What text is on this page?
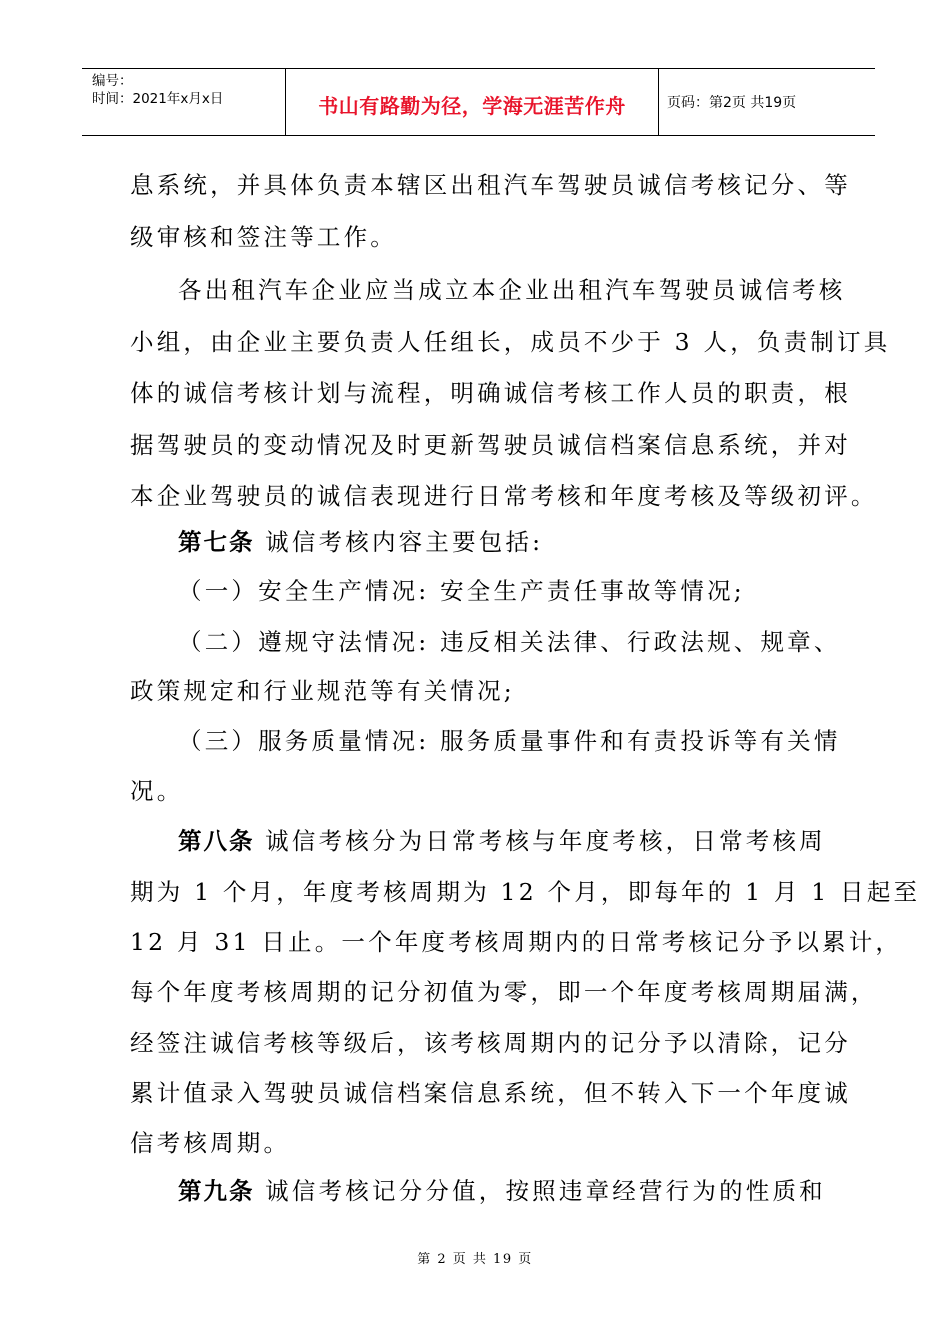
编号：
时间：2021年x月x日	书山有路勤为径，学海无涯苦作舟	页码：第2页 共19页
息系统，并具体负责本辖区出租汽车驾驶员诚信考核记分、等
级审核和签注等工作。
各出租汽车企业应当成立本企业出租汽车驾驶员诚信考核
小组，由企业主要负责人任组长，成员不少于 3 人，负责制订具
体的诚信考核计划与流程，明确诚信考核工作人员的职责，根
据驾驶员的变动情况及时更新驾驶员诚信档案信息系统，并对
本企业驾驶员的诚信表现进行日常考核和年度考核及等级初评。
第七条 诚信考核内容主要包括:
（一）安全生产情况: 安全生产责任事故等情况;
（二）遵规守法情况: 违反相关法律、行政法规、规章、
政策规定和行业规范等有关情况;
（三）服务质量情况: 服务质量事件和有责投诉等有关情
况。
第八条 诚信考核分为日常考核与年度考核，日常考核周
期为 1 个月，年度考核周期为 12 个月，即每年的 1 月 1 日起至
12 月 31 日止。一个年度考核周期内的日常考核记分予以累计，
每个年度考核周期的记分初值为零，即一个年度考核周期届满，
经签注诚信考核等级后，该考核周期内的记分予以清除，记分
累计值录入驾驶员诚信档案信息系统，但不转入下一个年度诚
信考核周期。
第九条 诚信考核记分分值，按照违章经营行为的性质和
第 2 页 共 19 页
